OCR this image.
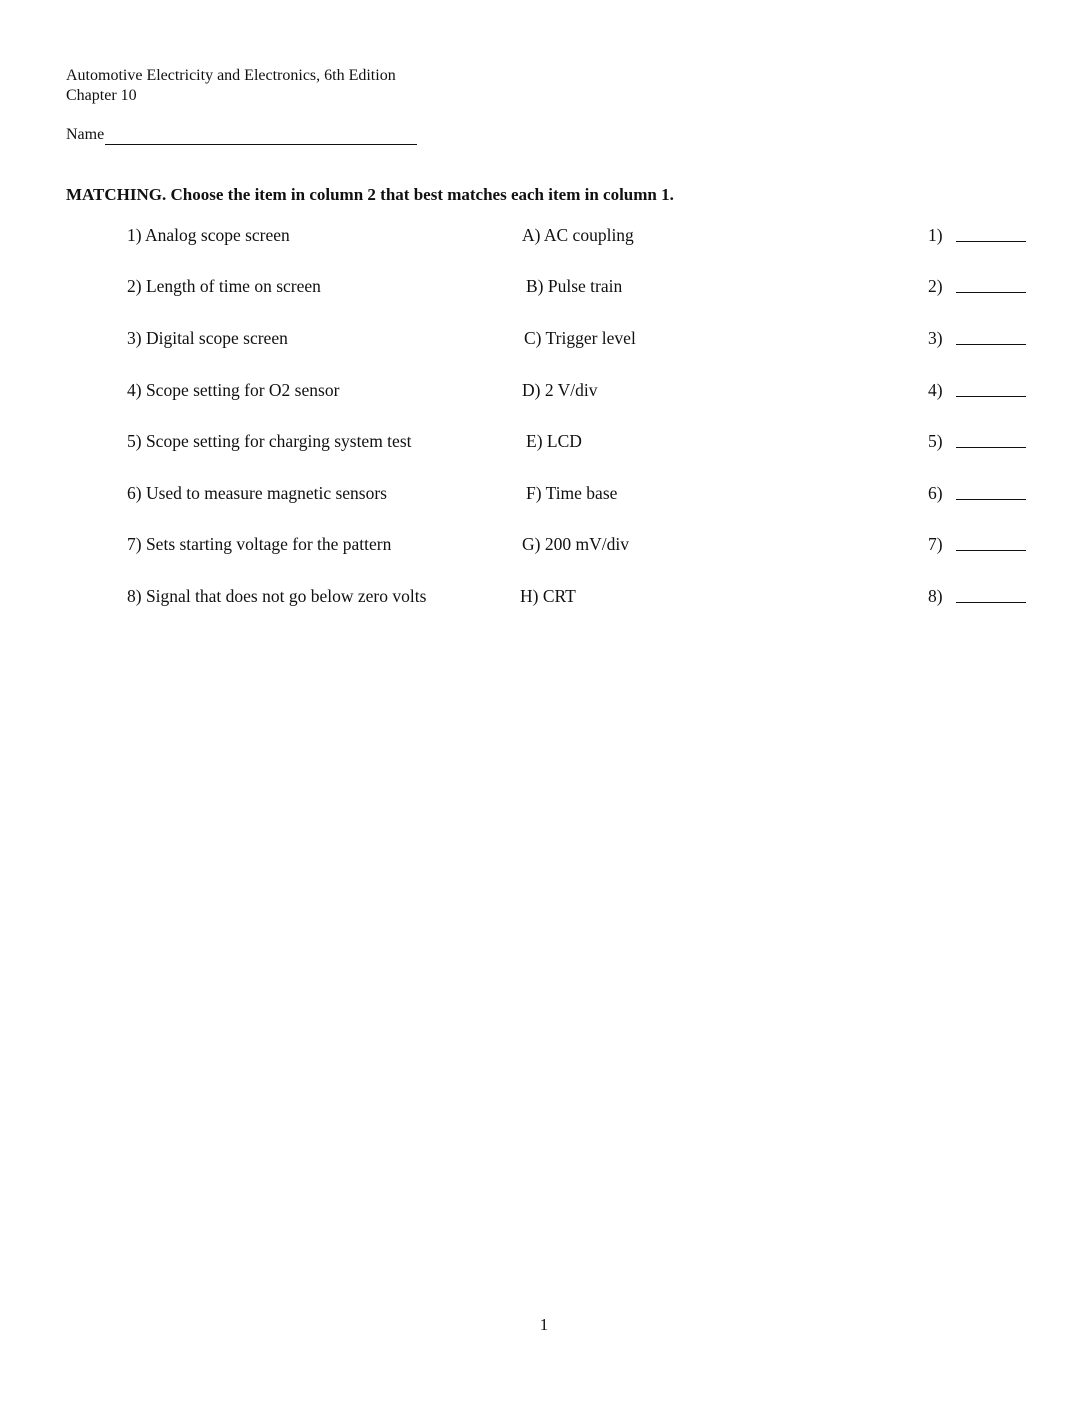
Automotive Electricity and Electronics, 6th Edition
Chapter 10
Name
MATCHING. Choose the item in column 2 that best matches each item in column 1.
1) Analog scope screen	A) AC coupling	1)
2) Length of time on screen	B) Pulse train	2)
3) Digital scope screen	C) Trigger level	3)
4) Scope setting for O2 sensor	D) 2 V/div	4)
5) Scope setting for charging system test	E) LCD	5)
6) Used to measure magnetic sensors	F) Time base	6)
7) Sets starting voltage for the pattern	G) 200 mV/div	7)
8) Signal that does not go below zero volts	H) CRT	8)
1
